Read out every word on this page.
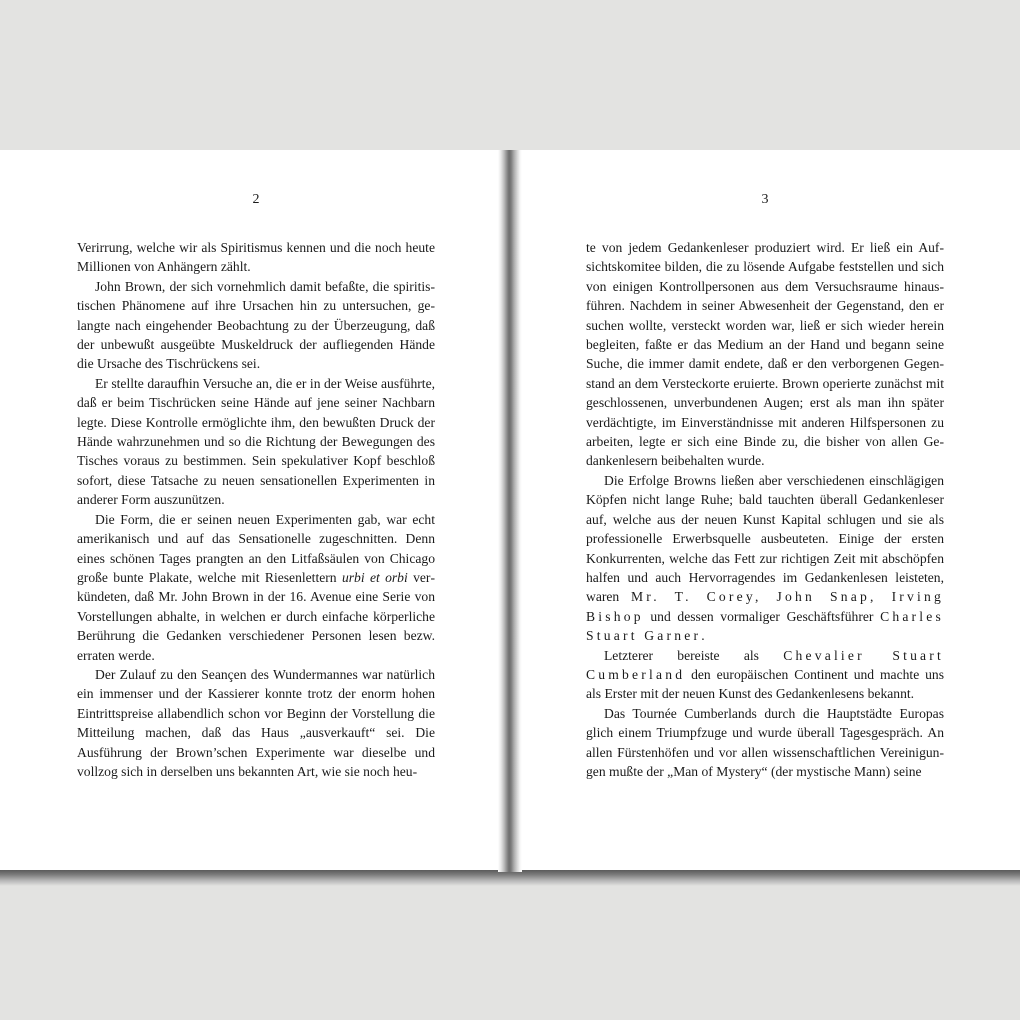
2

Verirrung, welche wir als Spiritismus kennen und die noch heute Millionen von Anhängern zählt.

John Brown, der sich vornehmlich damit befaßte, die spiritistischen Phänomene auf ihre Ursachen hin zu untersuchen, gelangte nach eingehender Beobachtung zu der Überzeugung, daß der unbewußt ausgeübte Muskeldruck der aufliegenden Hände die Ursache des Tischrückens sei.

Er stellte daraufhin Versuche an, die er in der Weise ausführte, daß er beim Tischrücken seine Hände auf jene seiner Nachbarn legte. Diese Kontrolle ermöglichte ihm, den bewußten Druck der Hände wahrzunehmen und so die Richtung der Bewegungen des Tisches voraus zu bestimmen. Sein spekulativer Kopf beschloß sofort, diese Tatsache zu neuen sensationellen Experimenten in anderer Form auszunützen.

Die Form, die er seinen neuen Experimenten gab, war echt amerikanisch und auf das Sensationelle zugeschnitten. Denn eines schönen Tages prangten an den Litfaßsäulen von Chicago große bunte Plakate, welche mit Riesenlettern urbi et orbi verkündeten, daß Mr. John Brown in der 16. Avenue eine Serie von Vorstellungen abhalte, in welchen er durch einfache körperliche Berührung die Gedanken verschiedener Personen lesen bezw. erraten werde.

Der Zulauf zu den Seançen des Wundermannes war natürlich ein immenser und der Kassierer konnte trotz der enorm hohen Eintrittspreise allabendlich schon vor Beginn der Vorstellung die Mitteilung machen, daß das Haus „ausverkauft“ sei. Die Ausführung der Brown’schen Experimente war dieselbe und vollzog sich in derselben uns bekannten Art, wie sie noch heu-

3

te von jedem Gedankenleser produziert wird. Er ließ ein Aufsichtskomitee bilden, die zu lösende Aufgabe feststellen und sich von einigen Kontrollpersonen aus dem Versuchsraume hinausführen. Nachdem in seiner Abwesenheit der Gegenstand, den er suchen wollte, versteckt worden war, ließ er sich wieder herein begleiten, faßte er das Medium an der Hand und begann seine Suche, die immer damit endete, daß er den verborgenen Gegenstand an dem Versteckorte eruierte. Brown operierte zunächst mit geschlossenen, unverbundenen Augen; erst als man ihn später verdächtigte, im Einverständnisse mit anderen Hilfspersonen zu arbeiten, legte er sich eine Binde zu, die bisher von allen Gedankenlesern beibehalten wurde.

Die Erfolge Browns ließen aber verschiedenen einschlägigen Köpfen nicht lange Ruhe; bald tauchten überall Gedankenleser auf, welche aus der neuen Kunst Kapital schlugen und sie als professionelle Erwerbsquelle ausbeuteten. Einige der ersten Konkurrenten, welche das Fett zur richtigen Zeit mit abschöpfen halfen und auch Hervorragendes im Gedankenlesen leisteten, waren Mr. T. Corey, John Snap, Irving Bishop und dessen vormaliger Geschäftsführer Charles Stuart Garner.

Letzterer bereiste als Chevalier Stuart Cumberland den europäischen Continent und machte uns als Erster mit der neuen Kunst des Gedankenlesens bekannt.

Das Tournée Cumberlands durch die Hauptstädte Europas glich einem Triumpfzuge und wurde überall Tagesgespräch. An allen Fürstenhöfen und vor allen wissenschaftlichen Vereinigungen mußte der „Man of Mystery“ (der mystische Mann) seine
